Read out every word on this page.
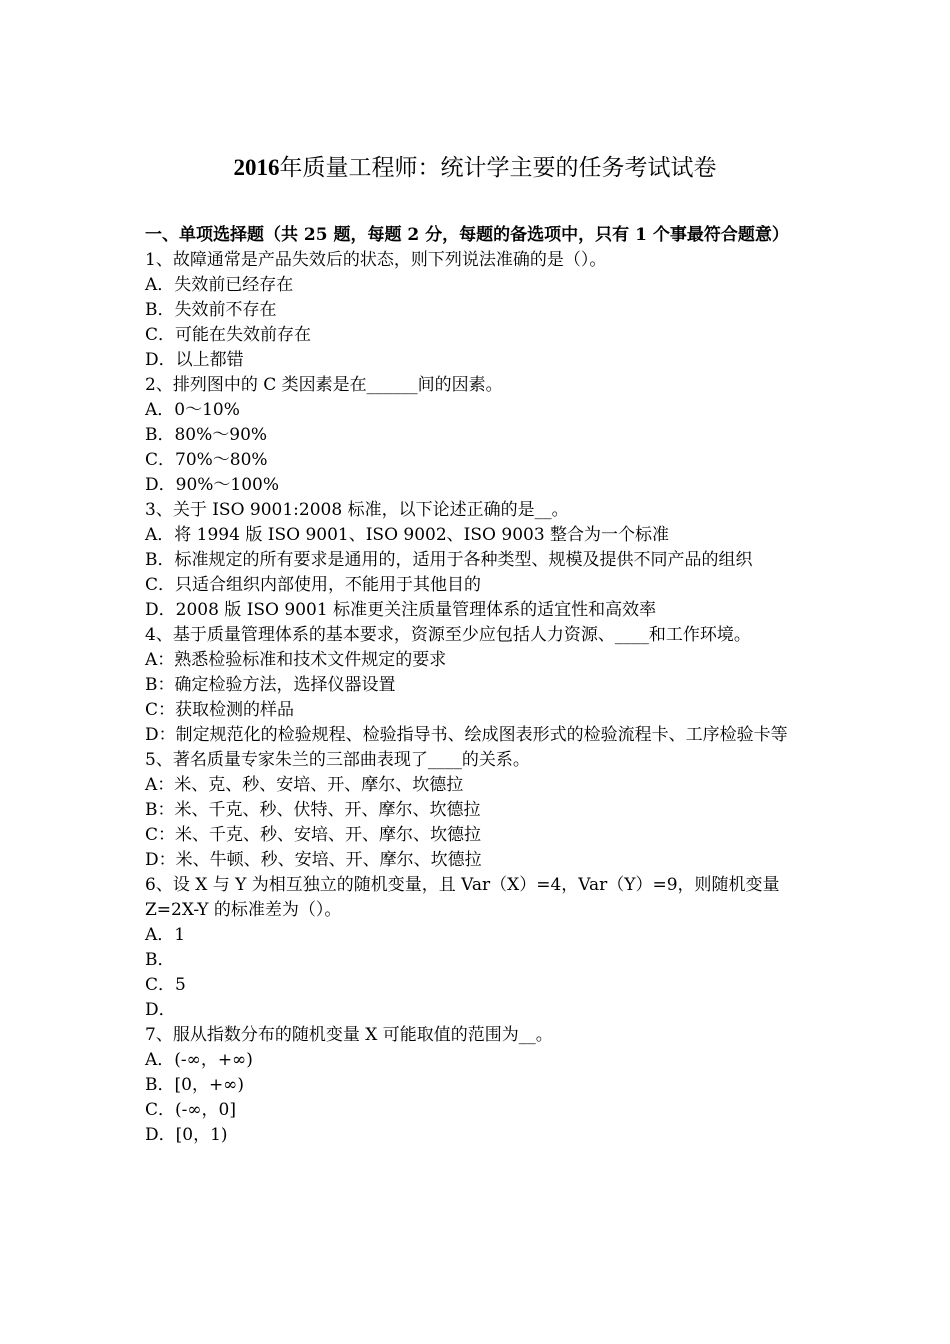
2016年质量工程师：统计学主要的任务考试试卷

一、单项选择题（共 25 题，每题 2 分，每题的备选项中，只有 1 个事最符合题意）

1、故障通常是产品失效后的状态，则下列说法准确的是（）。

A．失效前已经存在

B．失效前不存在

C．可能在失效前存在

D．以上都错

2、排列图中的 C 类因素是在______间的因素。

A．0～10%

B．80%～90%

C．70%～80%

D．90%～100%

3、关于 ISO 9001:2008 标准，以下论述正确的是__。

A．将 1994 版 ISO 9001、ISO 9002、ISO 9003 整合为一个标准

B．标准规定的所有要求是通用的，适用于各种类型、规模及提供不同产品的组织

C．只适合组织内部使用，不能用于其他目的

D．2008 版 ISO 9001 标准更关注质量管理体系的适宜性和高效率

4、基于质量管理体系的基本要求，资源至少应包括人力资源、____和工作环境。

A：熟悉检验标准和技术文件规定的要求

B：确定检验方法，选择仪器设置

C：获取检测的样品

D：制定规范化的检验规程、检验指导书、绘成图表形式的检验流程卡、工序检验卡等

5、著名质量专家朱兰的三部曲表现了____的关系。

A：米、克、秒、安培、开、摩尔、坎德拉

B：米、千克、秒、伏特、开、摩尔、坎德拉

C：米、千克、秒、安培、开、摩尔、坎德拉

D：米、牛顿、秒、安培、开、摩尔、坎德拉

6、设 X 与 Y 为相互独立的随机变量，且 Var（X）=4，Var（Y）=9，则随机变量 Z=2X-Y 的标准差为（）。

A．1

B．

C．5

D．

7、服从指数分布的随机变量 X 可能取值的范围为__。

A．(-∞，+∞)

B．[0，+∞)

C．(-∞，0]

D．[0，1)
